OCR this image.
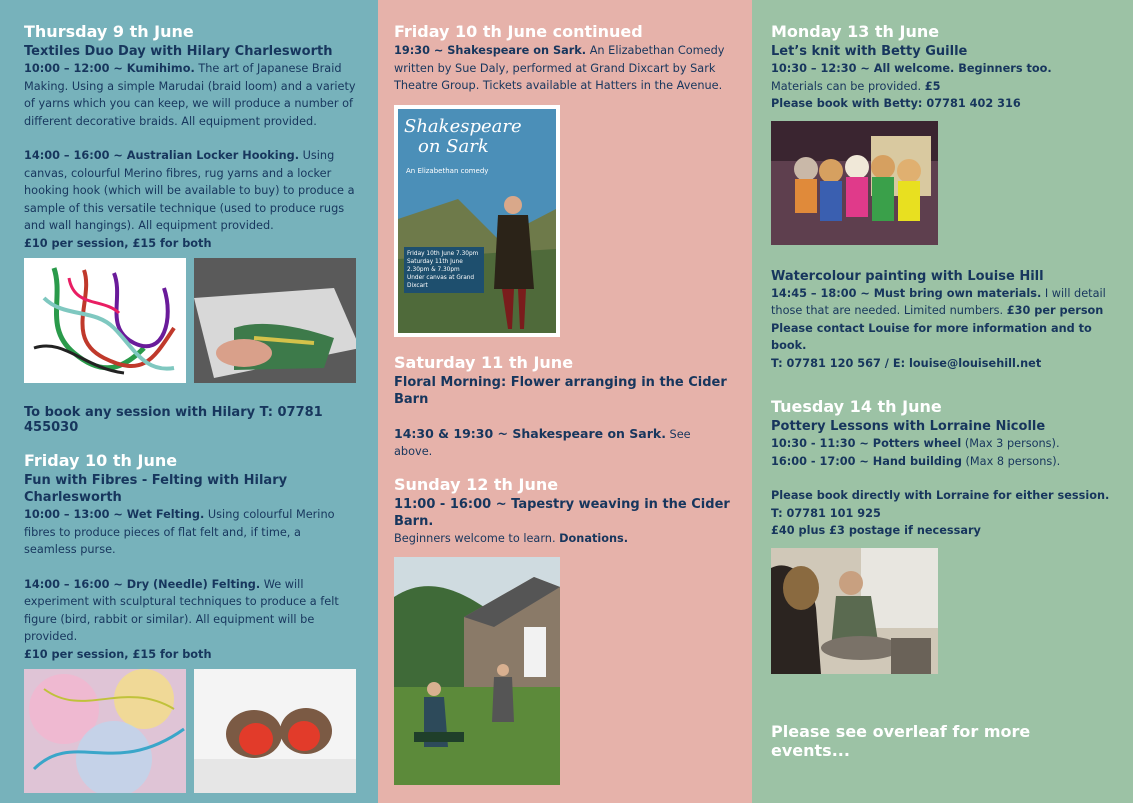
Thursday 9 th June
Textiles Duo Day with Hilary Charlesworth

10:00 – 12:00 ~ Kumihimo. The art of Japanese Braid Making. Using a simple Marudai (braid loom) and a variety of yarns which you can keep, we will produce a number of different decorative braids. All equipment provided.

14:00 – 16:00 ~ Australian Locker Hooking. Using canvas, colourful Merino fibres, rug yarns and a locker hooking hook (which will be available to buy) to produce a sample of this versatile technique (used to produce rugs and wall hangings). All equipment provided.

£10 per session, £15 for both

To book any session with Hilary T: 07781 455030
Friday 10 th June
Fun with Fibres - Felting with Hilary Charlesworth

10:00 – 13:00 ~ Wet Felting. Using colourful Merino fibres to produce pieces of flat felt and, if time, a seamless purse.

14:00 – 16:00 ~ Dry (Needle) Felting. We will experiment with sculptural techniques to produce a felt figure (bird, rabbit or similar). All equipment will be provided.

£10 per session, £15 for both

Friday 10 th June continued

19:30 ~ Shakespeare on Sark. An Elizabethan Comedy written by Sue Daly, performed at Grand Dixcart by Sark Theatre Group. Tickets available at Hatters in the Avenue.

Shakespeare
on Sark
An Elizabethan comedy
Friday 10th June 7.30pm
Saturday 11th June
2.30pm & 7.30pm
Under canvas at Grand Dixcart
Saturday 11 th June
Floral Morning: Flower arranging in the Cider Barn

14:30 & 19:30 ~ Shakespeare on Sark. See above.

Sunday 12 th June
11:00 - 16:00 ~ Tapestry weaving in the Cider Barn.

Beginners welcome to learn. Donations.

Monday 13 th June
Let’s knit with Betty Guille

10:30 – 12:30 ~ All welcome. Beginners too.

Materials can be provided. £5

Please book with Betty: 07781 402 316

Watercolour painting with Louise Hill

14:45 – 18:00 ~ Must bring own materials. I will detail those that are needed. Limited numbers. £30 per person

Please contact Louise for more information and to book.

T: 07781 120 567 / E: louise@louisehill.net

Tuesday 14 th June
Pottery Lessons with Lorraine Nicolle

10:30 - 11:30 ~ Potters wheel (Max 3 persons).

16:00 - 17:00 ~ Hand building (Max 8 persons).

Please book directly with Lorraine for either session.

T: 07781 101 925

£40 plus £3 postage if necessary

Please see overleaf for more events...
